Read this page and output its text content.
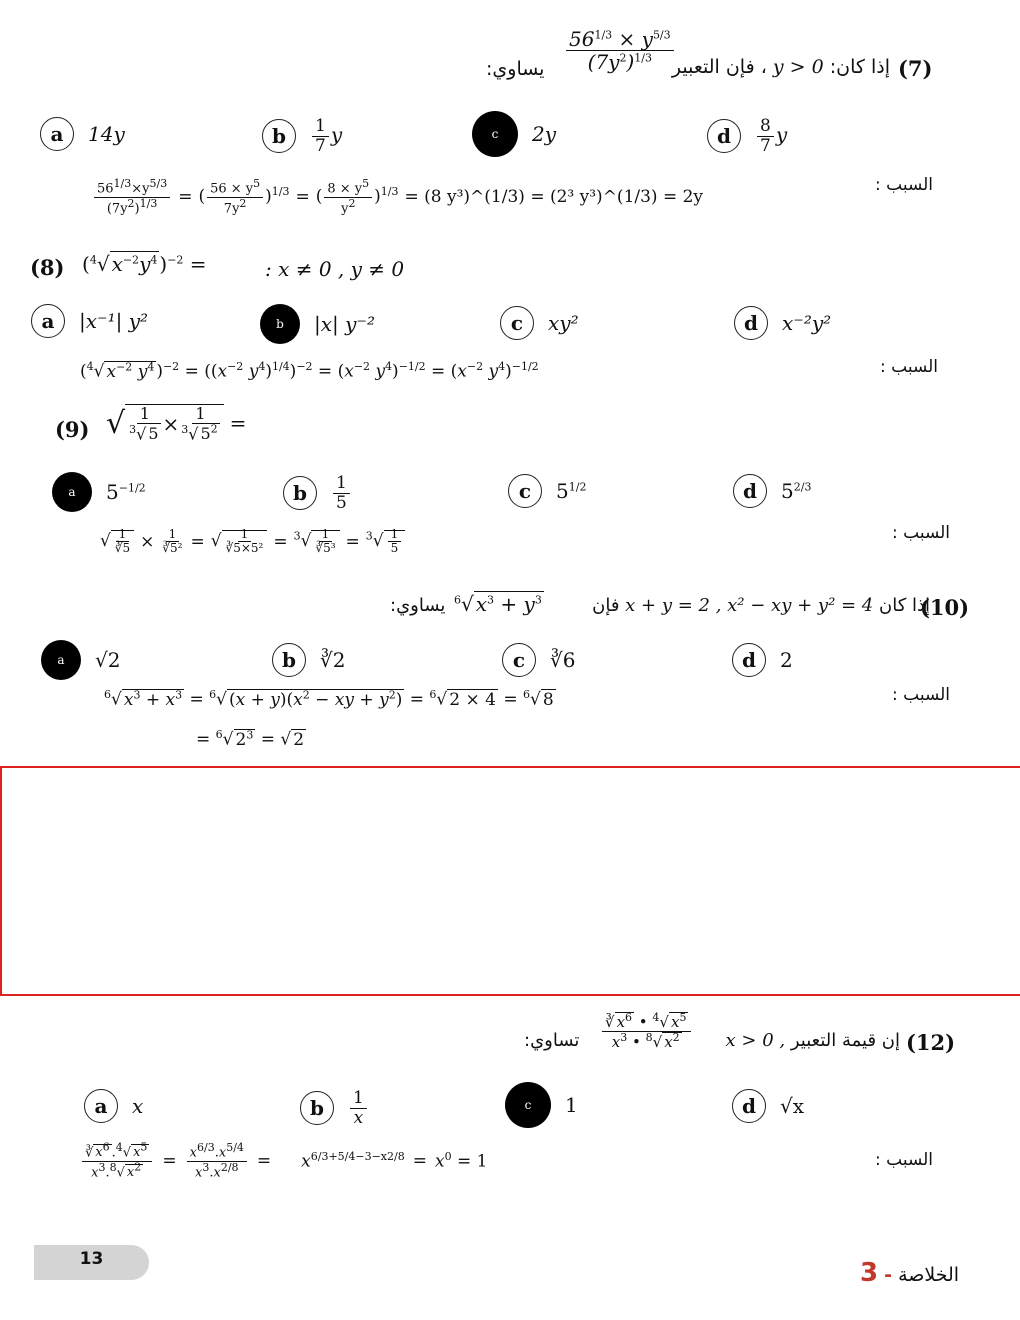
يساوي: $\frac{56^{1/3} \times y^{5/3}}{(7y^2)^{1/3}}$	إذا كان: y > 0 ، فإن التعبير	(7)
a	14y	b	$\frac{1}{7}$ y	c	2y	d	$\frac{8}{7}$ y
السبب :
$\frac{56^{1/3}\times y^{5/3}}{(7y^2)^{1/3}}$ = ( $\frac{56 \times y^5}{7y^2} )^{1/3}$ = ( $\frac{8 \times y^5}{y^2} )^{1/3} = (8$ y³)^(1/3) = (2³ y³)^(1/3) = 2y
(8) ($^4$√ $x^{-2}y^4$ )$^{-2}$ =	: x ≠ 0 , y ≠ 0
a	|x⁻¹| y²	b	|x| y⁻²	c	xy²	d	x⁻²y²
السبب :
($^4$√ $x^{-2}$ $y^4$ )$^{-2} = ((x^{-2}$ $y^4)^{1/4})^{-2} = (x^{-2}$ $y^4)^{-1/2} = (x^{-2}$ $y^4)^{-1/2}$
(9) √ $\frac{1}{^3√ 5} \times \frac{1}{^3√ 5^2}$ =
a	$5^{-1/2}$	b	$\frac{1}{5}$	c	$5^{1/2}$	d	$5^{2/3}$
السبب :
√ $\frac{1}{∛5} \times \frac{1}{\text{∛5²}}$ = √ $\frac{1}{\text{∛5×5²}} = ^3√ \frac{1}{\text{∛5³}} = ^3√ \frac{1}{5}$
يساوي: $^6$√ $x^3 + y^3$	إذا كان x + y = 2 , x² − xy + y² = 4 فإن	(10)
a	√2	b	∛2	c	∛6	d	2
السبب :
$^6$√ $x^3 + x^3 = ^6√$ $(x + y)(x^2$ − xy + $y^2) = ^6√$ 2 × 4 = $^6$√ 8
= $^6$√ $2^3$ = √ 2
تساوي: $\frac{∛ x^6 • ^4√ x^5}{x^3 • ^8√ x^2}$	إن قيمة التعبير x > 0 ,	(12)
a	x	b	$\frac{1}{x}$	c	1	d	√x
السبب :
$\frac{∛ x^6 .^4√ x^5}{x^3.^8√ x^2} = \frac{x^{6/3}.x^{5/4}}{x^3.x^{2/8}} = x^{6/3+5/4-3-x2/8} = x^0 = 1$
13
الخلاصة - 3
